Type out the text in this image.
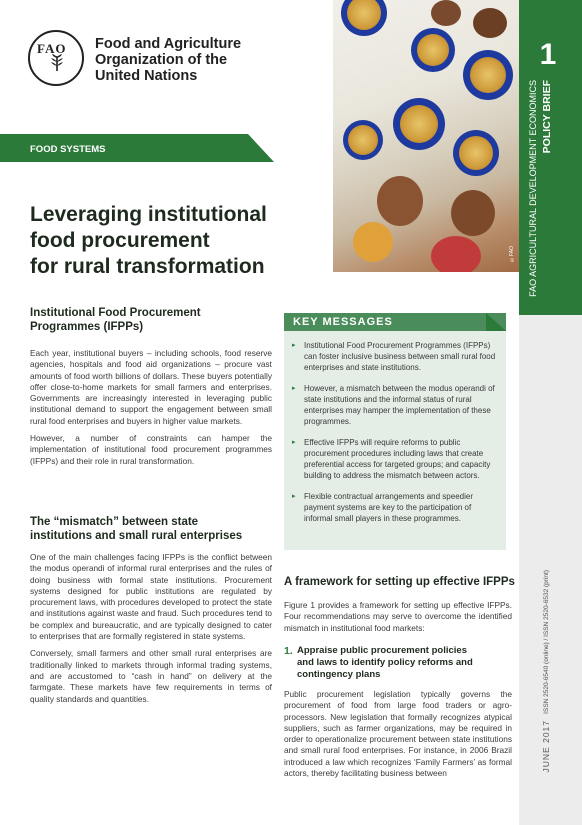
FAO Food and Agriculture
Organization of the
United Nations
©FAO
1
POLICY BRIEF
FAO AGRICULTURAL DEVELOPMENT ECONOMICS
ISSN 2520-6540 (online) / ISSN 2520-6532 (print)
JUNE 2017
FOOD SYSTEMS
Leveraging institutional
food procurement
for rural transformation
Institutional Food Procurement
Programmes (IFPPs)

Each year, institutional buyers – including schools, food reserve agencies, hospitals and food aid organizations – procure vast amounts of food worth billions of dollars. These buyers potentially offer close-to-home markets for small farmers and enterprises. Governments are increasingly interested in leveraging public institutional demand to support the engagement between small rural food enterprises and buyers in higher value markets.

However, a number of constraints can hamper the implementation of institutional food procurement programmes (IFPPs) and their role in rural transformation.

The “mismatch” between state
institutions and small rural enterprises

One of the main challenges facing IFPPs is the conflict between the modus operandi of informal rural enterprises and the rules of doing business with formal state institutions. Procurement systems designed for public institutions are regulated by procurement laws, with procedures developed to protect the state and institutions against waste and fraud. Such procedures tend to be complex and bureaucratic, and are typically designed to cater to enterprises that are formally registered in state systems.

Conversely, small farmers and other small rural enterprises are traditionally linked to markets through informal trading systems, and are accustomed to “cash in hand” on delivery at the farmgate. These markets have few requirements in terms of quality standards and quantities.

KEY MESSAGES
▸ Institutional Food Procurement Programmes (IFPPs) can foster inclusive business between small rural food enterprises and state institutions.
▸ However, a mismatch between the modus operandi of state institutions and the informal status of rural enterprises may hamper the implementation of these programmes.
▸ Effective IFPPs will require reforms to public procurement procedures including laws that create preferential access for targeted groups; and capacity building to address the mismatch between actors.
▸ Flexible contractual arrangements and speedier payment systems are key to the participation of informal small players in these programmes.
A framework for setting up effective IFPPs

Figure 1 provides a framework for setting up effective IFPPs. Four recommendations may serve to overcome the identified mismatch in institutional food markets:

1. Appraise public procurement policies
and laws to identify policy reforms and
contingency plans

Public procurement legislation typically governs the procurement of food from large food traders or agro-processors. New legislation that formally recognizes atypical suppliers, such as farmer organizations, may be required in order to operationalize procurement between state institutions and small rural food enterprises. For instance, in 2006 Brazil introduced a law which recognizes ‘Family Farmers’ as formal actors, thereby facilitating business between
